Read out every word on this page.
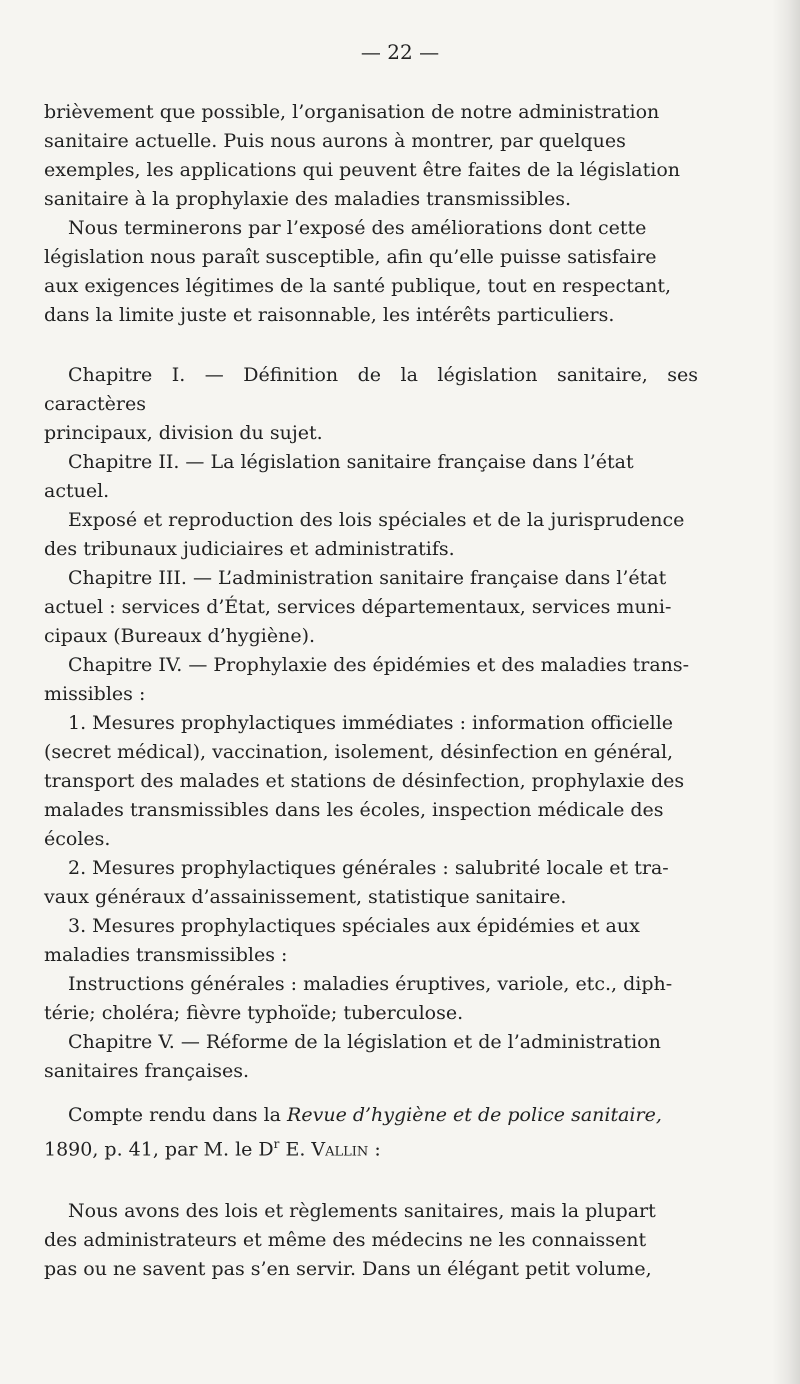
— 22 —
brièvement que possible, l’organisation de notre administration
sanitaire actuelle. Puis nous aurons à montrer, par quelques
exemples, les applications qui peuvent être faites de la législation
sanitaire à la prophylaxie des maladies transmissibles.
Nous terminerons par l’exposé des améliorations dont cette
législation nous paraît susceptible, afin qu’elle puisse satisfaire
aux exigences légitimes de la santé publique, tout en respectant,
dans la limite juste et raisonnable, les intérêts particuliers.
Chapitre I. — Définition de la législation sanitaire, ses caractères
principaux, division du sujet.
Chapitre II. — La législation sanitaire française dans l’état
actuel.
Exposé et reproduction des lois spéciales et de la jurisprudence
des tribunaux judiciaires et administratifs.
Chapitre III. — L’administration sanitaire française dans l’état
actuel : services d’État, services départementaux, services muni-
cipaux (Bureaux d’hygiène).
Chapitre IV. — Prophylaxie des épidémies et des maladies trans-
missibles :
1. Mesures prophylactiques immédiates : information officielle
(secret médical), vaccination, isolement, désinfection en général,
transport des malades et stations de désinfection, prophylaxie des
malades transmissibles dans les écoles, inspection médicale des
écoles.
2. Mesures prophylactiques générales : salubrité locale et tra-
vaux généraux d’assainissement, statistique sanitaire.
3. Mesures prophylactiques spéciales aux épidémies et aux
maladies transmissibles :
Instructions générales : maladies éruptives, variole, etc., diph-
térie; choléra; fièvre typhoïde; tuberculose.
Chapitre V. — Réforme de la législation et de l’administration
sanitaires françaises.
Compte rendu dans la Revue d’hygiène et de police sanitaire,
1890, p. 41, par M. le $D^r$ E. Vallin :
Nous avons des lois et règlements sanitaires, mais la plupart
des administrateurs et même des médecins ne les connaissent
pas ou ne savent pas s’en servir. Dans un élégant petit volume,
